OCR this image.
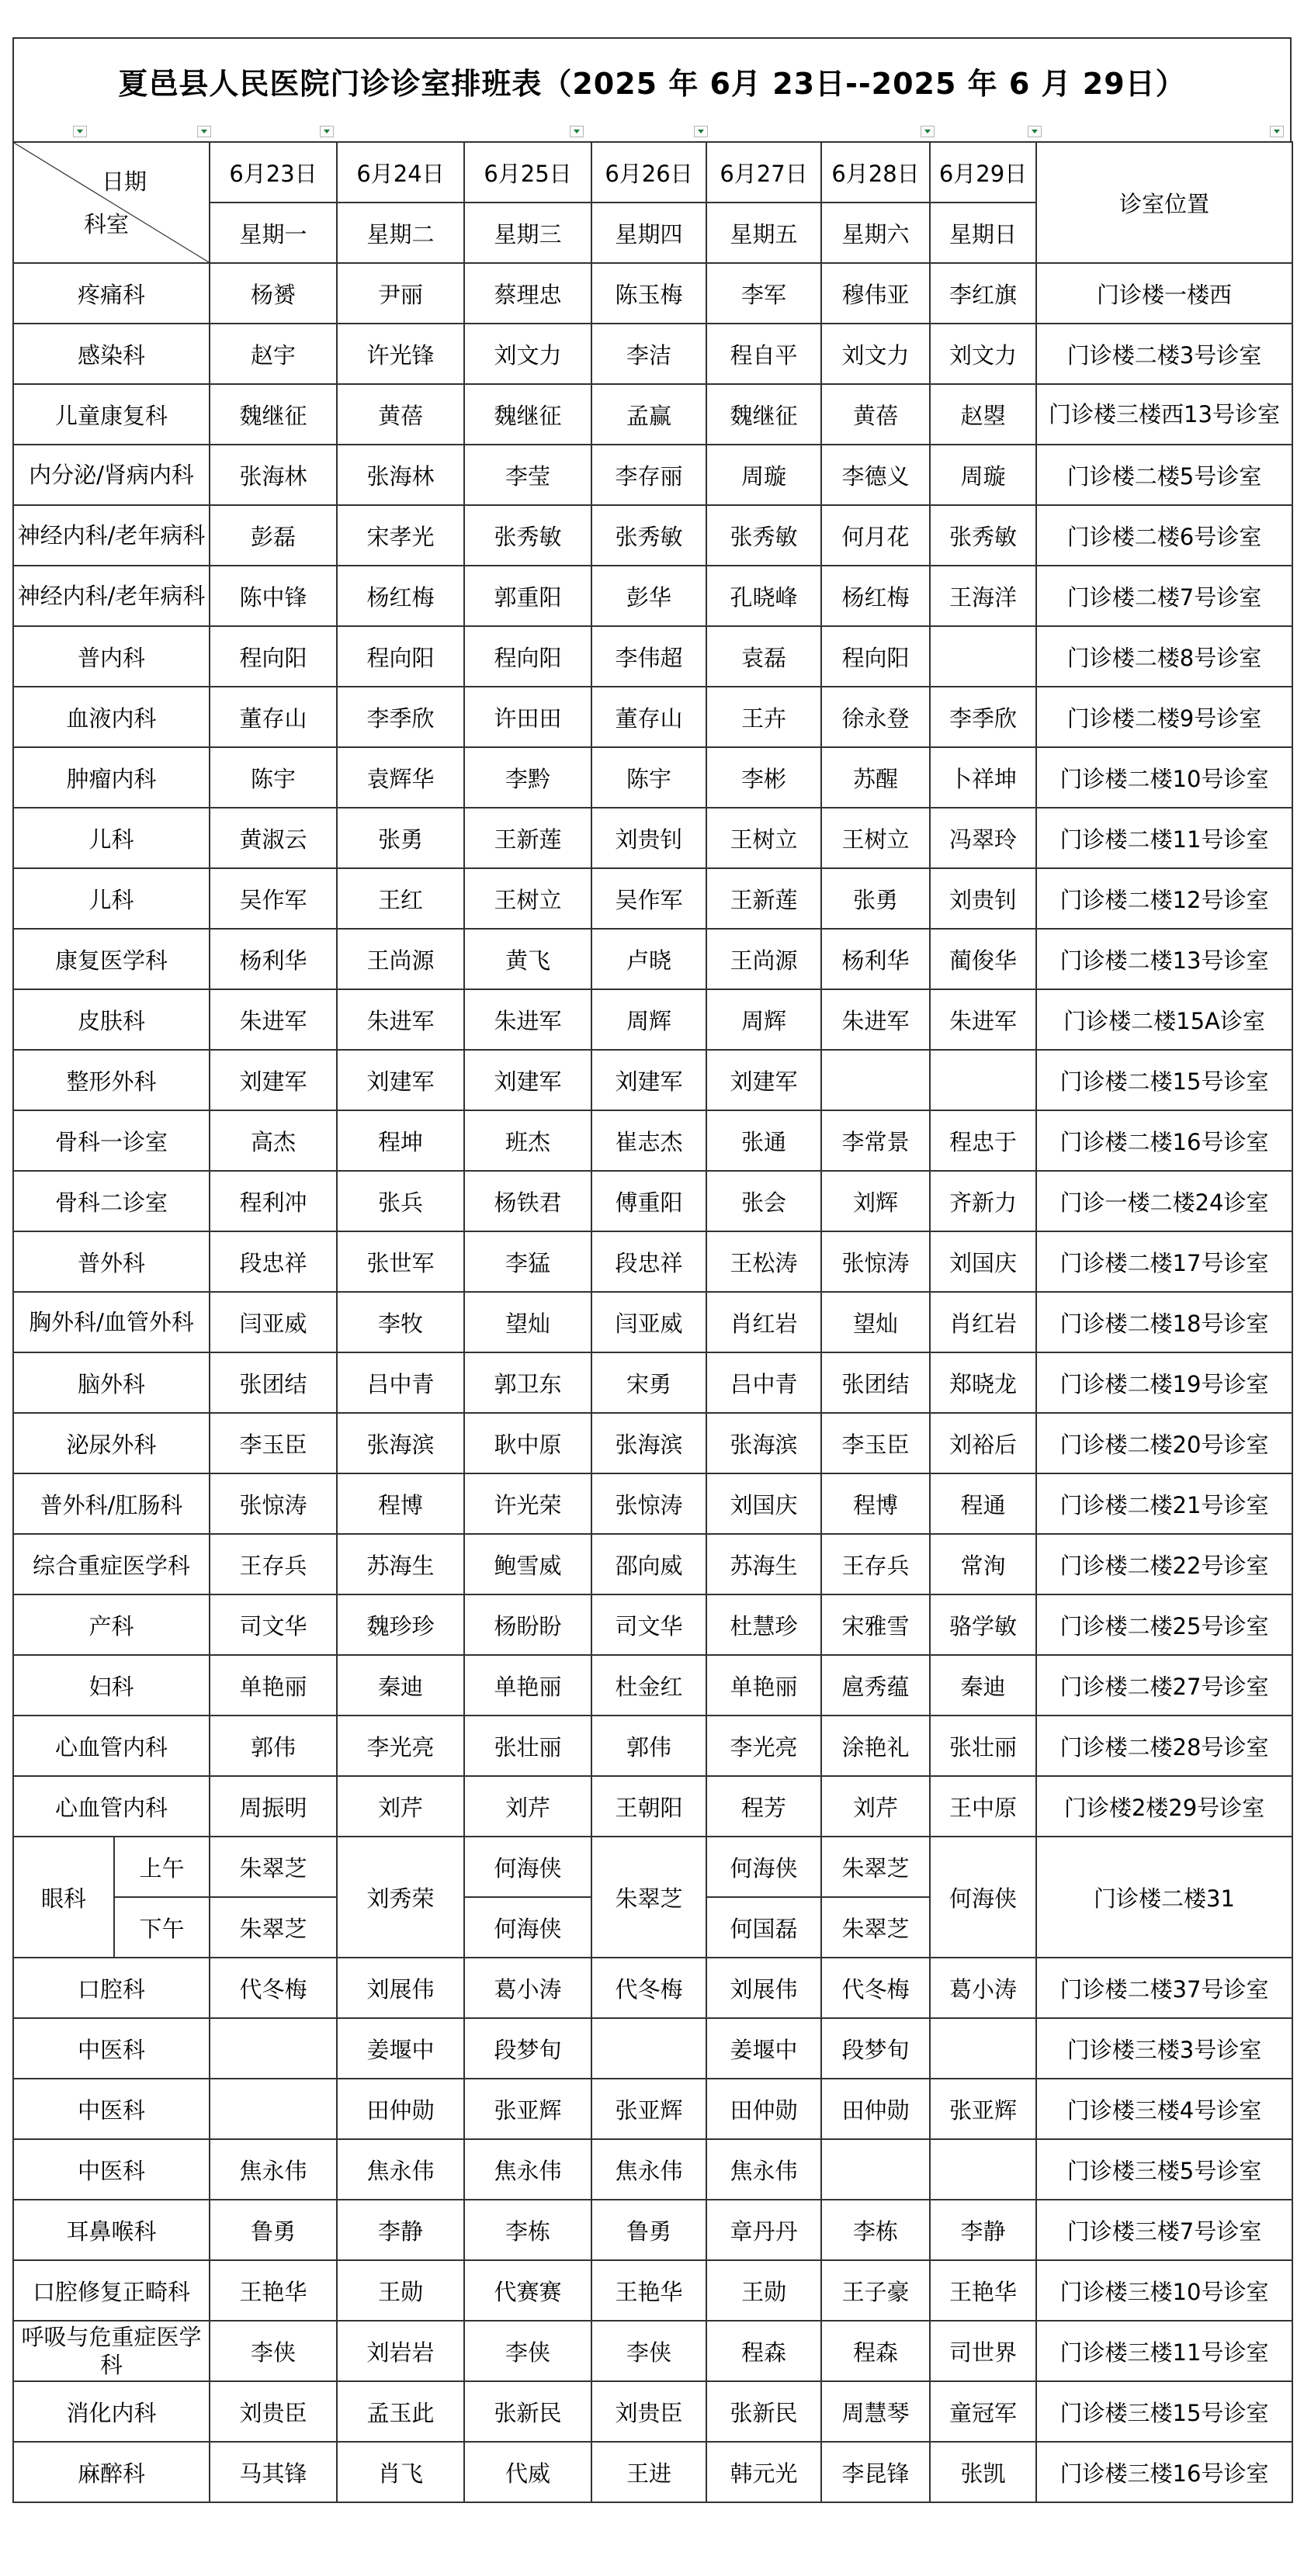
夏邑县人民医院门诊诊室排班表（2025 年 6月 23日--2025 年 6 月 29日）
日期
科室		6月23日	6月24日	6月25日	6月26日	6月27日	6月28日	6月29日	诊室位置
		星期一	星期二	星期三	星期四	星期五	星期六	星期日	
疼痛科		杨赟	尹丽	蔡理忠	陈玉梅	李军	穆伟亚	李红旗	门诊楼一楼西
感染科		赵宇	许光锋	刘文力	李洁	程自平	刘文力	刘文力	门诊楼二楼3号诊室
儿童康复科		魏继征	黄蓓	魏继征	孟赢	魏继征	黄蓓	赵曌	门诊楼三楼西13号诊室
内分泌/肾病内科		张海林	张海林	李莹	李存丽	周璇	李德义	周璇	门诊楼二楼5号诊室
神经内科/老年病科		彭磊	宋孝光	张秀敏	张秀敏	张秀敏	何月花	张秀敏	门诊楼二楼6号诊室
神经内科/老年病科		陈中锋	杨红梅	郭重阳	彭华	孔晓峰	杨红梅	王海洋	门诊楼二楼7号诊室
普内科		程向阳	程向阳	程向阳	李伟超	袁磊	程向阳		门诊楼二楼8号诊室
血液内科		董存山	李季欣	许田田	董存山	王卉	徐永登	李季欣	门诊楼二楼9号诊室
肿瘤内科		陈宇	袁辉华	李黔	陈宇	李彬	苏醒	卜祥坤	门诊楼二楼10号诊室
儿科		黄淑云	张勇	王新莲	刘贵钊	王树立	王树立	冯翠玲	门诊楼二楼11号诊室
儿科		吴作军	王红	王树立	吴作军	王新莲	张勇	刘贵钊	门诊楼二楼12号诊室
康复医学科		杨利华	王尚源	黄飞	卢晓	王尚源	杨利华	蔺俊华	门诊楼二楼13号诊室
皮肤科		朱进军	朱进军	朱进军	周辉	周辉	朱进军	朱进军	门诊楼二楼15A诊室
整形外科		刘建军	刘建军	刘建军	刘建军	刘建军			门诊楼二楼15号诊室
骨科一诊室		高杰	程坤	班杰	崔志杰	张通	李常景	程忠于	门诊楼二楼16号诊室
骨科二诊室		程利冲	张兵	杨铁君	傅重阳	张会	刘辉	齐新力	门诊一楼二楼24诊室
普外科		段忠祥	张世军	李猛	段忠祥	王松涛	张惊涛	刘国庆	门诊楼二楼17号诊室
胸外科/血管外科		闫亚威	李牧	望灿	闫亚威	肖红岩	望灿	肖红岩	门诊楼二楼18号诊室
脑外科		张团结	吕中青	郭卫东	宋勇	吕中青	张团结	郑晓龙	门诊楼二楼19号诊室
泌尿外科		李玉臣	张海滨	耿中原	张海滨	张海滨	李玉臣	刘裕后	门诊楼二楼20号诊室
普外科/肛肠科		张惊涛	程博	许光荣	张惊涛	刘国庆	程博	程通	门诊楼二楼21号诊室
综合重症医学科		王存兵	苏海生	鲍雪威	邵向威	苏海生	王存兵	常洵	门诊楼二楼22号诊室
产科		司文华	魏珍珍	杨盼盼	司文华	杜慧珍	宋雅雪	骆学敏	门诊楼二楼25号诊室
妇科		单艳丽	秦迪	单艳丽	杜金红	单艳丽	扈秀蕴	秦迪	门诊楼二楼27号诊室
心血管内科		郭伟	李光亮	张壮丽	郭伟	李光亮	涂艳礼	张壮丽	门诊楼二楼28号诊室
心血管内科		周振明	刘芹	刘芹	王朝阳	程芳	刘芹	王中原	门诊楼2楼29号诊室
眼科	上午	朱翠芝	刘秀荣	何海侠	朱翠芝	何海侠	朱翠芝	何海侠	门诊楼二楼31
	下午	朱翠芝		何海侠		何国磊	朱翠芝		
口腔科		代冬梅	刘展伟	葛小涛	代冬梅	刘展伟	代冬梅	葛小涛	门诊楼二楼37号诊室
中医科			姜堰中	段梦旬		姜堰中	段梦旬		门诊楼三楼3号诊室
中医科			田仲勋	张亚辉	张亚辉	田仲勋	田仲勋	张亚辉	门诊楼三楼4号诊室
中医科		焦永伟	焦永伟	焦永伟	焦永伟	焦永伟			门诊楼三楼5号诊室
耳鼻喉科		鲁勇	李静	李栋	鲁勇	章丹丹	李栋	李静	门诊楼三楼7号诊室
口腔修复正畸科		王艳华	王勋	代赛赛	王艳华	王勋	王子豪	王艳华	门诊楼三楼10号诊室
呼吸与危重症医学科		李侠	刘岩岩	李侠	李侠	程森	程森	司世界	门诊楼三楼11号诊室
消化内科		刘贵臣	孟玉此	张新民	刘贵臣	张新民	周慧琴	童冠军	门诊楼三楼15号诊室
麻醉科		马其锋	肖飞	代威	王进	韩元光	李昆锋	张凯	门诊楼三楼16号诊室
